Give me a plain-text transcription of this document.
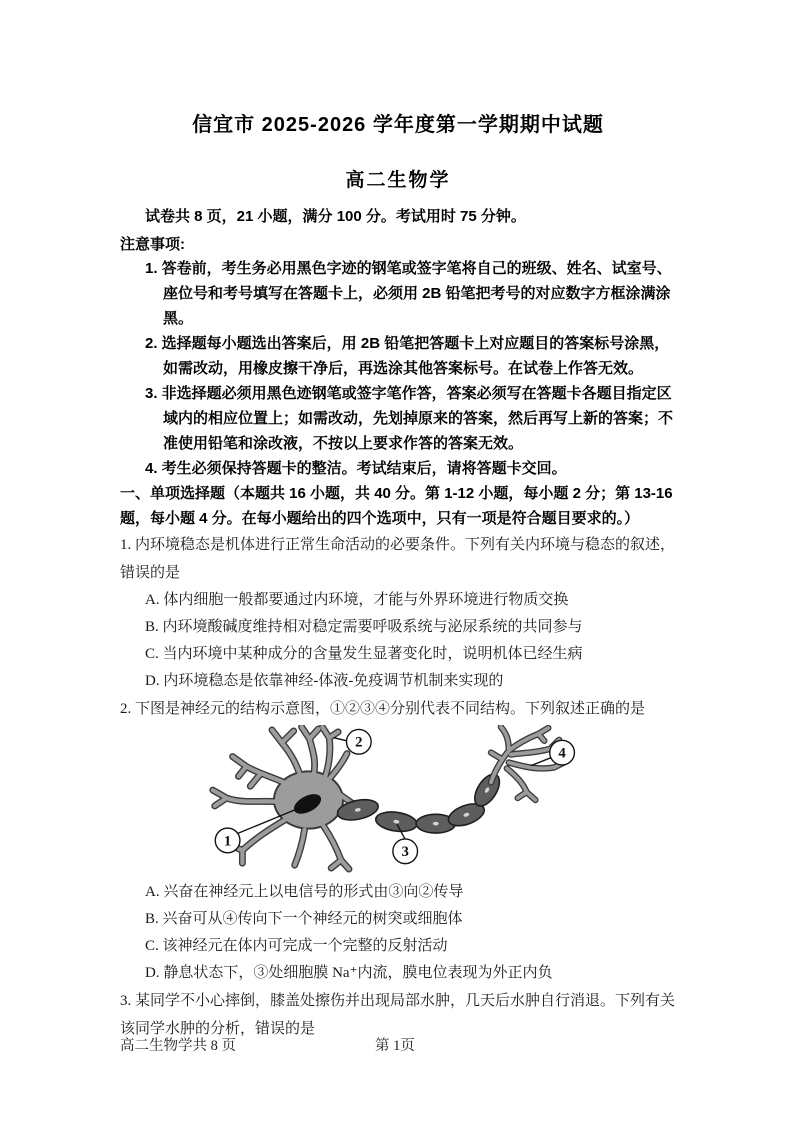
信宜市 2025-2026 学年度第一学期期中试题
高二生物学

试卷共 8 页，21 小题，满分 100 分。考试用时 75 分钟。

注意事项:

1. 答卷前，考生务必用黑色字迹的钢笔或签字笔将自己的班级、姓名、试室号、座位号和考号填写在答题卡上，必须用 2B 铅笔把考号的对应数字方框涂满涂黑。

2. 选择题每小题选出答案后，用 2B 铅笔把答题卡上对应题目的答案标号涂黑，如需改动，用橡皮擦干净后，再选涂其他答案标号。在试卷上作答无效。

3. 非选择题必须用黑色迹钢笔或签字笔作答，答案必须写在答题卡各题目指定区域内的相应位置上；如需改动，先划掉原来的答案，然后再写上新的答案；不准使用铅笔和涂改液，不按以上要求作答的答案无效。

4. 考生必须保持答题卡的整洁。考试结束后，请将答题卡交回。

一、单项选择题（本题共 16 小题，共 40 分。第 1-12 小题，每小题 2 分；第 13-16 题，每小题 4 分。在每小题给出的四个选项中，只有一项是符合题目要求的。）

1. 内环境稳态是机体进行正常生命活动的必要条件。下列有关内环境与稳态的叙述，错误的是

A. 体内细胞一般都要通过内环境，才能与外界环境进行物质交换

B. 内环境酸碱度维持相对稳定需要呼吸系统与泌尿系统的共同参与

C. 当内环境中某种成分的含量发生显著变化时，说明机体已经生病

D. 内环境稳态是依靠神经-体液-免疫调节机制来实现的

2. 下图是神经元的结构示意图，①②③④分别代表不同结构。下列叙述正确的是

1
2
3
4

A. 兴奋在神经元上以电信号的形式由③向②传导

B. 兴奋可从④传向下一个神经元的树突或细胞体

C. 该神经元在体内可完成一个完整的反射活动

D. 静息状态下，③处细胞膜 Na⁺内流，膜电位表现为外正内负

3. 某同学不小心摔倒，膝盖处擦伤并出现局部水肿，几天后水肿自行消退。下列有关该同学水肿的分析，错误的是

高二生物学共 8 页	第 1页
